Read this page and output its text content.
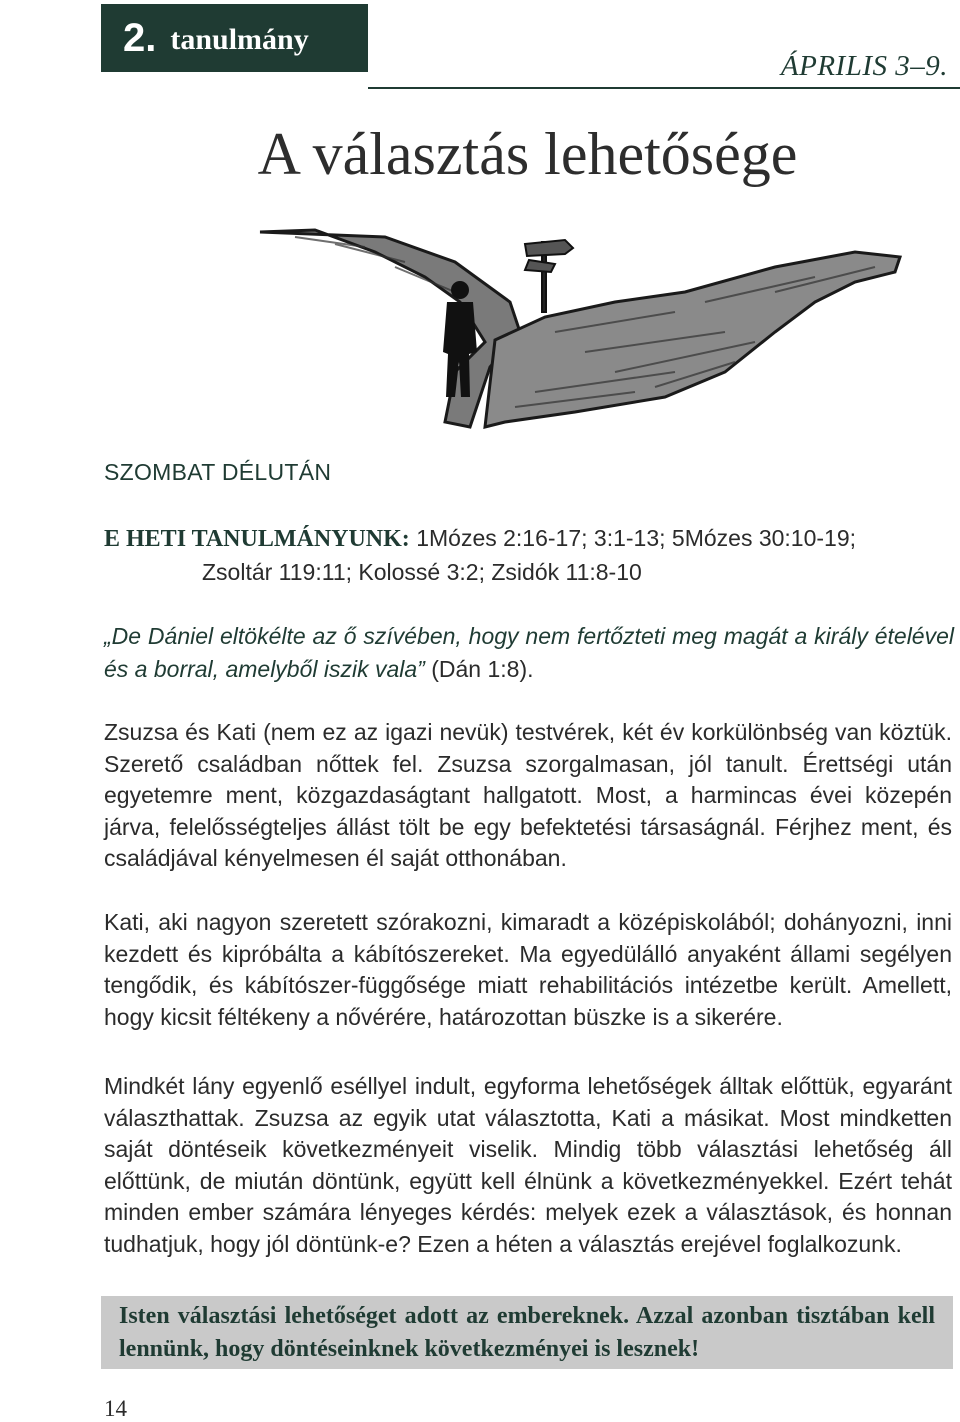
2. tanulmány
ÁPRILIS 3–9.
A választás lehetősége
SZOMBAT DÉLUTÁN
E HETI TANULMÁNYUNK: 1Mózes 2:16-17; 3:1-13; 5Mózes 30:10-19;
Zsoltár 119:11; Kolossé 3:2; Zsidók 11:8-10
„De Dániel eltökélte az ő szívében, hogy nem fertőzteti meg magát a király ételével és a borral, amelyből iszik vala” (Dán 1:8).

Zsuzsa és Kati (nem ez az igazi nevük) testvérek, két év korkülönbség van köztük. Szerető családban nőttek fel. Zsuzsa szorgalmasan, jól tanult. Érettségi után egyetemre ment, közgazdaságtant hallgatott. Most, a harmincas évei közepén járva, felelősségteljes állást tölt be egy befektetési társaságnál. Férjhez ment, és családjával kényelmesen él saját otthonában.

Kati, aki nagyon szeretett szórakozni, kimaradt a középiskolából; dohányozni, inni kezdett és kipróbálta a kábítószereket. Ma egyedülálló anyaként állami segélyen tengődik, és kábítószer-függősége miatt rehabilitációs intézetbe került. Amellett, hogy kicsit féltékeny a nővérére, határozottan büszke is a sikerére.

Mindkét lány egyenlő eséllyel indult, egyforma lehetőségek álltak előttük, egyaránt választhattak. Zsuzsa az egyik utat választotta, Kati a másikat. Most mindketten saját döntéseik következményeit viselik. Mindig több választási lehetőség áll előttünk, de miután döntünk, együtt kell élnünk a következményekkel. Ezért tehát minden ember számára lényeges kérdés: melyek ezek a választások, és honnan tudhatjuk, hogy jól döntünk-e? Ezen a héten a választás erejével foglalkozunk.

Isten választási lehetőséget adott az embereknek. Azzal azonban tisztában kell lennünk, hogy döntéseinknek következményei is lesznek!
14
